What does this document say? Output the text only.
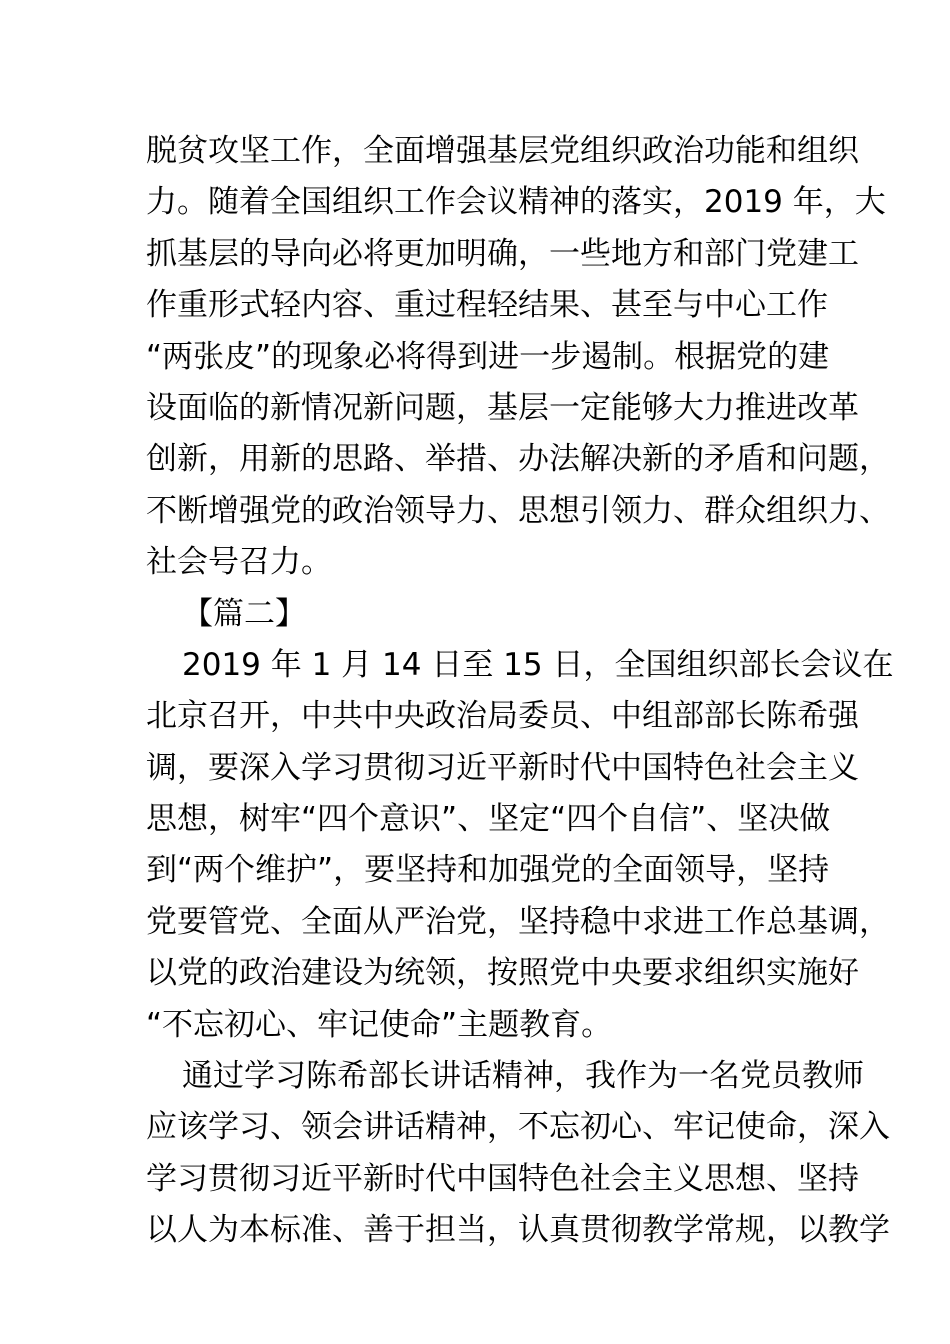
脱贫攻坚工作，全面增强基层党组织政治功能和组织
力。随着全国组织工作会议精神的落实，2019 年，大
抓基层的导向必将更加明确，一些地方和部门党建工
作重形式轻内容、重过程轻结果、甚至与中心工作
“两张皮”的现象必将得到进一步遏制。根据党的建
设面临的新情况新问题，基层一定能够大力推进改革
创新，用新的思路、举措、办法解决新的矛盾和问题，
不断增强党的政治领导力、思想引领力、群众组织力、
社会号召力。
【篇二】
2019 年 1 月 14 日至 15 日，全国组织部长会议在
北京召开，中共中央政治局委员、中组部部长陈希强
调，要深入学习贯彻习近平新时代中国特色社会主义
思想，树牢“四个意识”、坚定“四个自信”、坚决做
到“两个维护”，要坚持和加强党的全面领导，坚持
党要管党、全面从严治党，坚持稳中求进工作总基调，
以党的政治建设为统领，按照党中央要求组织实施好
“不忘初心、牢记使命”主题教育。
通过学习陈希部长讲话精神，我作为一名党员教师
应该学习、领会讲话精神，不忘初心、牢记使命，深入
学习贯彻习近平新时代中国特色社会主义思想、坚持
以人为本标准、善于担当，认真贯彻教学常规，以教学
